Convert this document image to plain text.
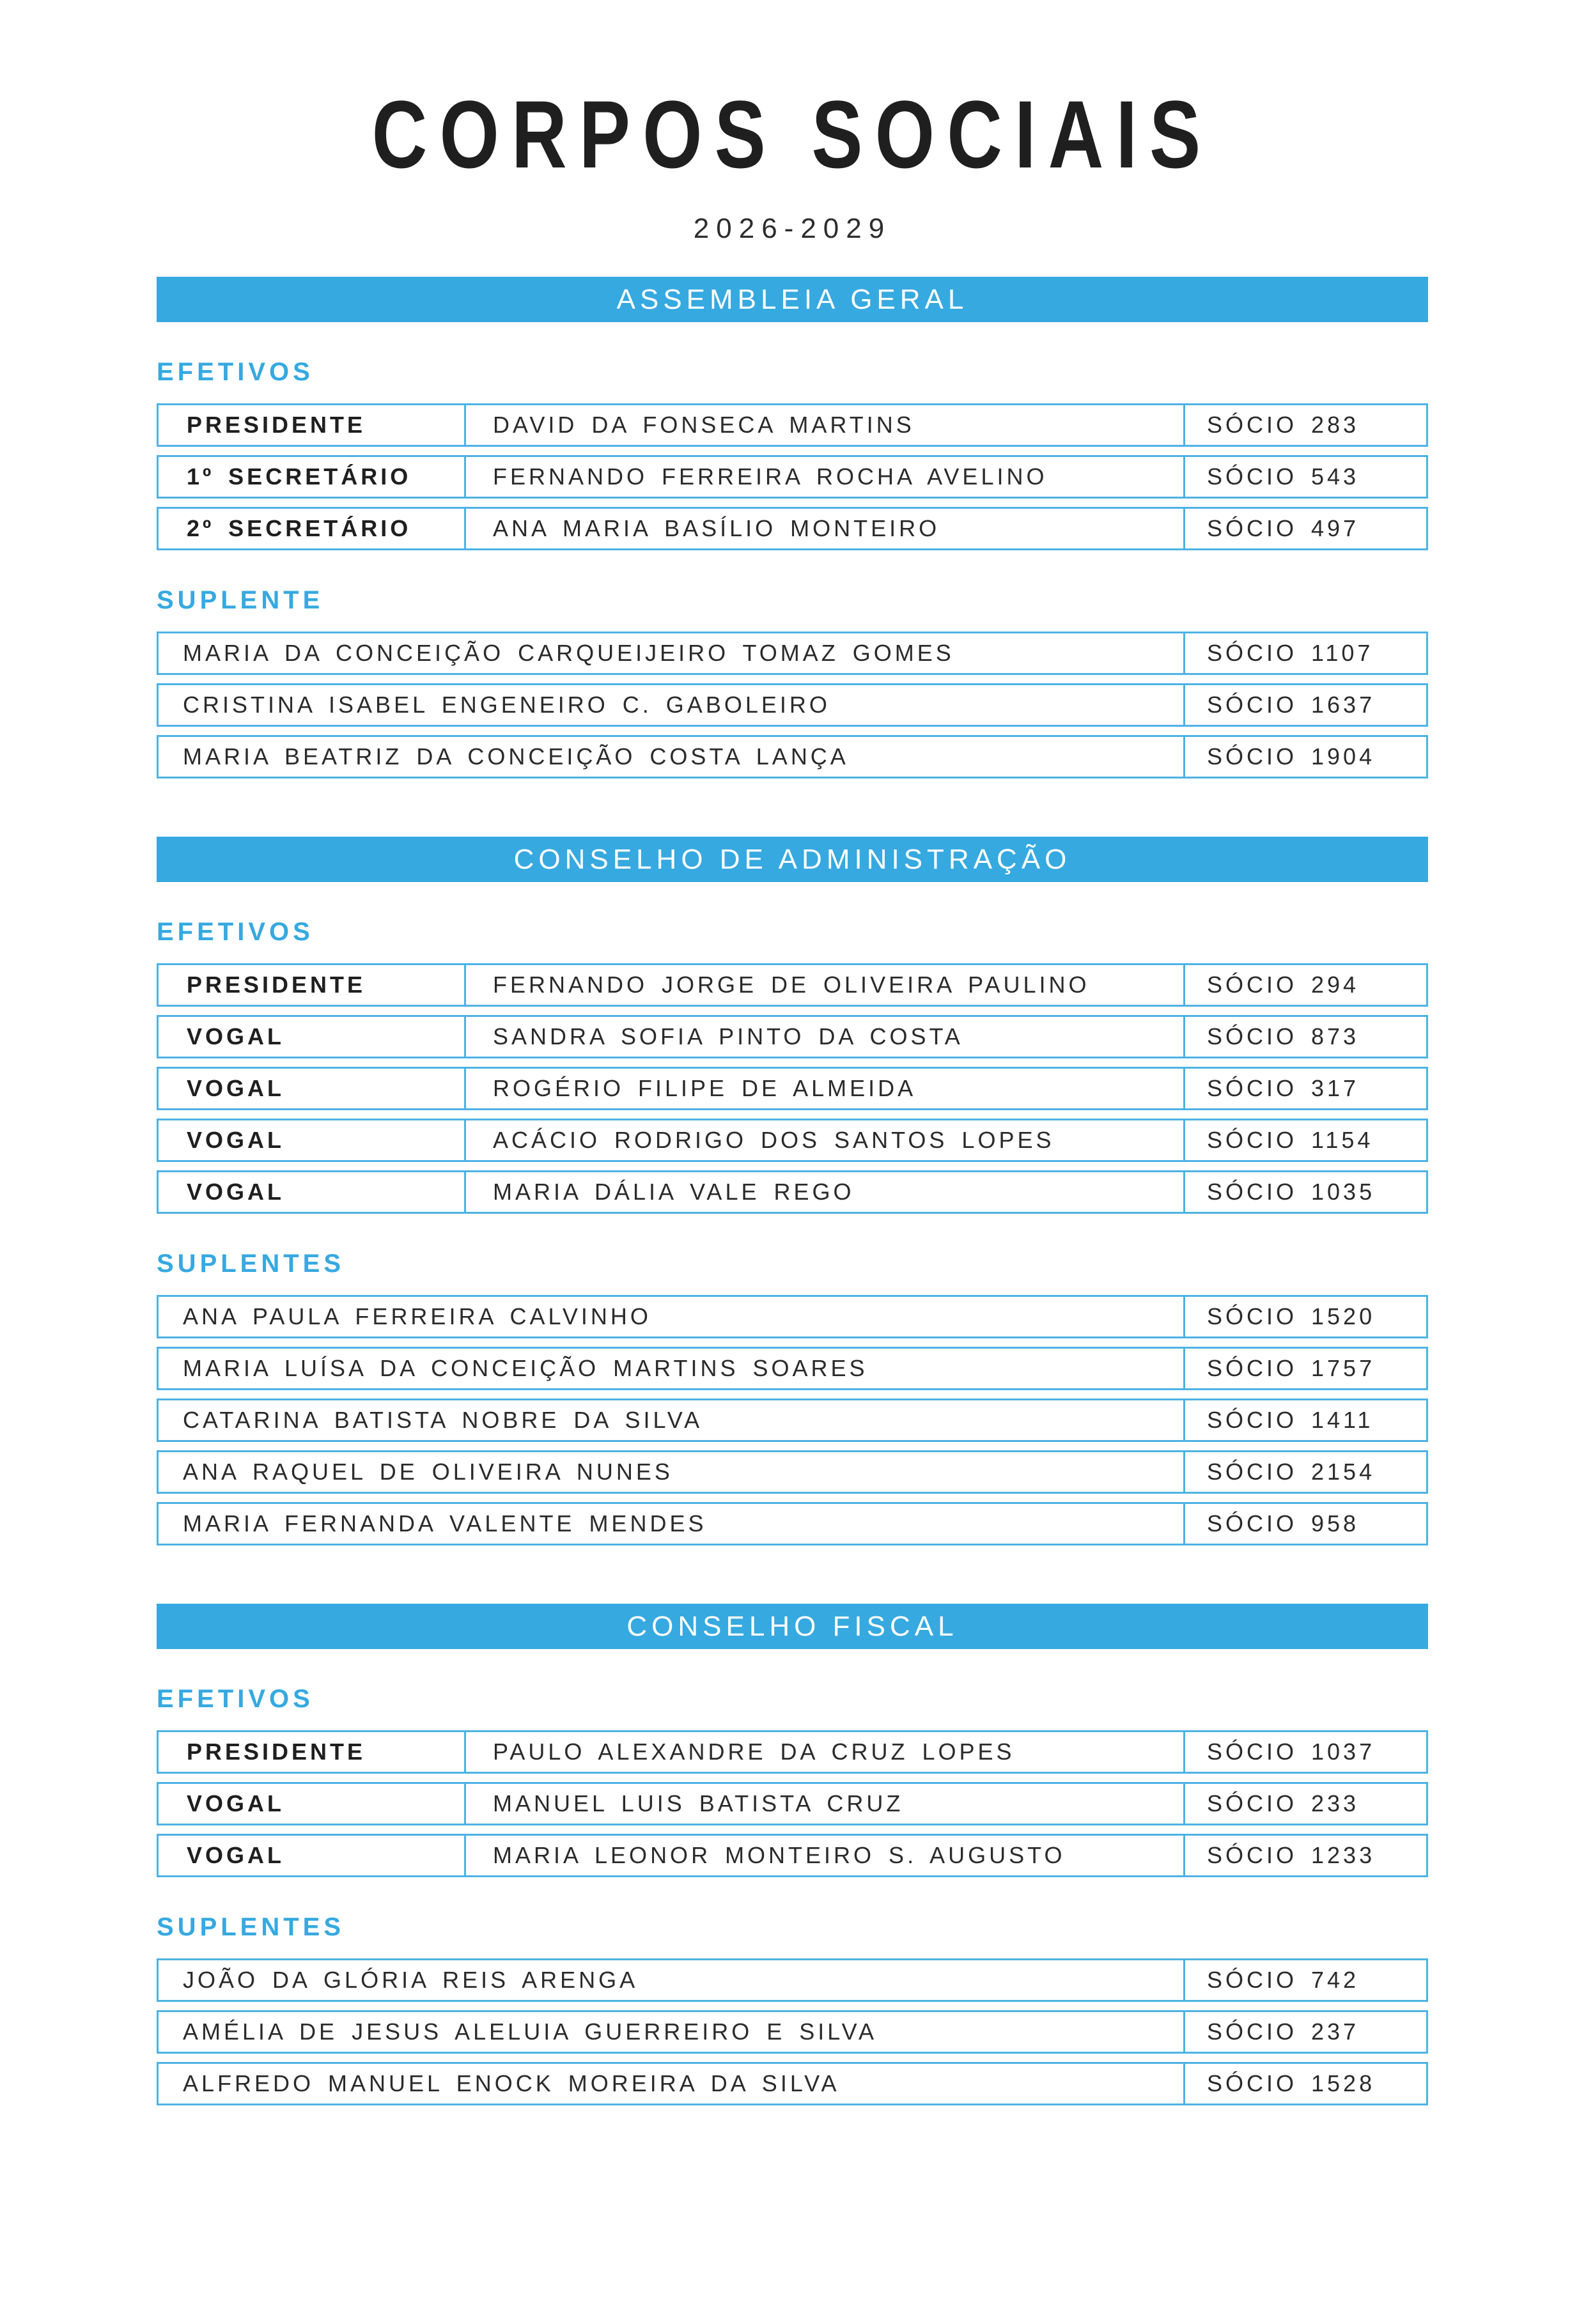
CORPOS SOCIAIS
2026-2029
ASSEMBLEIA GERAL
EFETIVOS
PRESIDENTE	DAVID DA FONSECA MARTINS	SÓCIO 283
1º SECRETÁRIO	FERNANDO FERREIRA ROCHA AVELINO	SÓCIO 543
2º SECRETÁRIO	ANA MARIA BASÍLIO MONTEIRO	SÓCIO 497
SUPLENTE
MARIA DA CONCEIÇÃO CARQUEIJEIRO TOMAZ GOMES	SÓCIO 1107
CRISTINA ISABEL ENGENEIRO C. GABOLEIRO	SÓCIO 1637
MARIA BEATRIZ DA CONCEIÇÃO COSTA LANÇA	SÓCIO 1904
CONSELHO DE ADMINISTRAÇÃO
EFETIVOS
PRESIDENTE	FERNANDO JORGE DE OLIVEIRA PAULINO	SÓCIO 294
VOGAL	SANDRA SOFIA PINTO DA COSTA	SÓCIO 873
VOGAL	ROGÉRIO FILIPE DE ALMEIDA	SÓCIO 317
VOGAL	ACÁCIO RODRIGO DOS SANTOS LOPES	SÓCIO 1154
VOGAL	MARIA DÁLIA VALE REGO	SÓCIO 1035
SUPLENTES
ANA PAULA FERREIRA CALVINHO	SÓCIO 1520
MARIA LUÍSA DA CONCEIÇÃO MARTINS SOARES	SÓCIO 1757
CATARINA BATISTA NOBRE DA SILVA	SÓCIO 1411
ANA RAQUEL DE OLIVEIRA NUNES	SÓCIO 2154
MARIA FERNANDA VALENTE MENDES	SÓCIO 958
CONSELHO FISCAL
EFETIVOS
PRESIDENTE	PAULO ALEXANDRE DA CRUZ LOPES	SÓCIO 1037
VOGAL	MANUEL LUIS BATISTA CRUZ	SÓCIO 233
VOGAL	MARIA LEONOR MONTEIRO S. AUGUSTO	SÓCIO 1233
SUPLENTES
JOÃO DA GLÓRIA REIS ARENGA	SÓCIO 742
AMÉLIA DE JESUS ALELUIA GUERREIRO E SILVA	SÓCIO 237
ALFREDO MANUEL ENOCK MOREIRA DA SILVA	SÓCIO 1528
